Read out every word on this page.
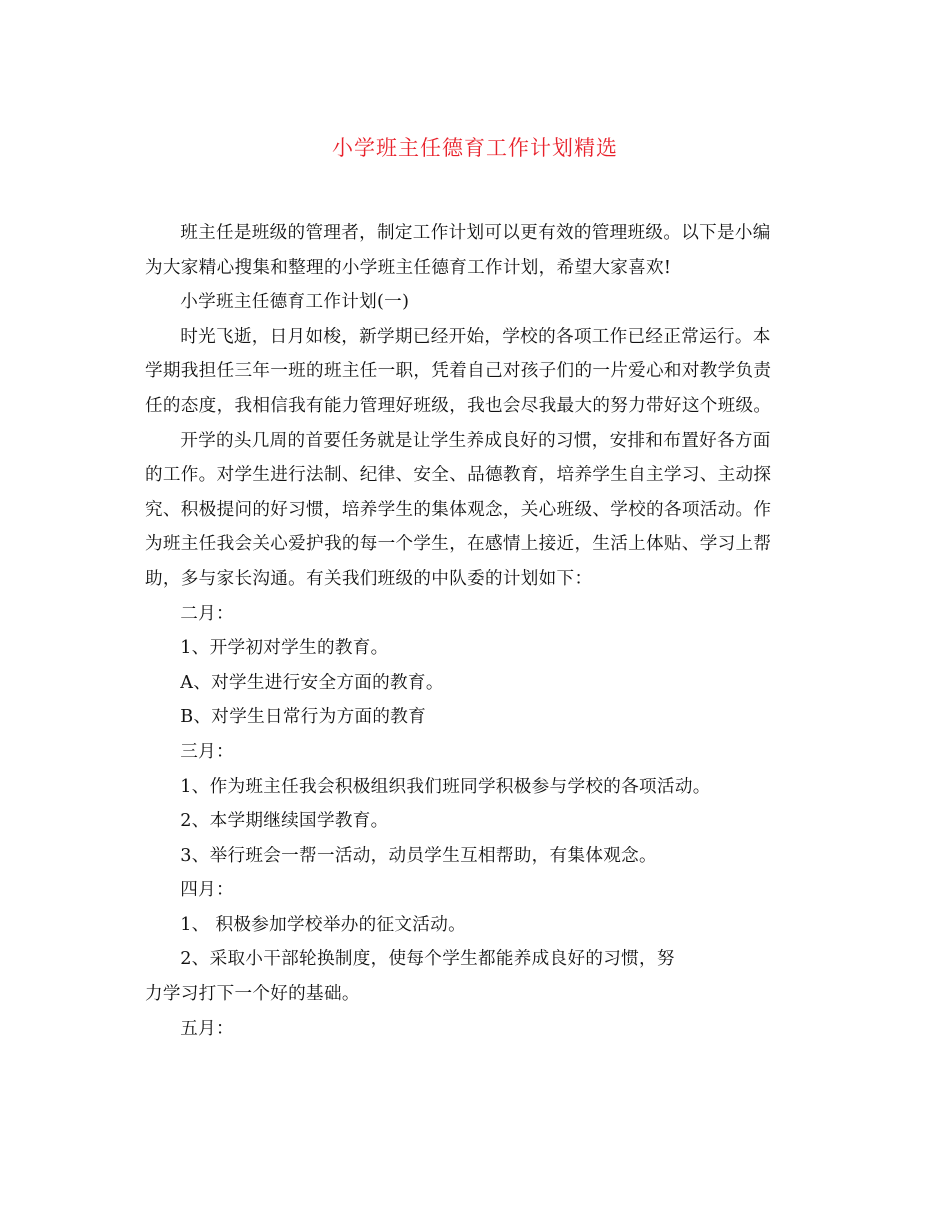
小学班主任德育工作计划精选
班主任是班级的管理者，制定工作计划可以更有效的管理班级。以下是小编
为大家精心搜集和整理的小学班主任德育工作计划，希望大家喜欢!
小学班主任德育工作计划(一)
时光飞逝，日月如梭，新学期已经开始，学校的各项工作已经正常运行。本
学期我担任三年一班的班主任一职，凭着自己对孩子们的一片爱心和对教学负责
任的态度，我相信我有能力管理好班级，我也会尽我最大的努力带好这个班级。
开学的头几周的首要任务就是让学生养成良好的习惯，安排和布置好各方面
的工作。对学生进行法制、纪律、安全、品德教育，培养学生自主学习、主动探
究、积极提问的好习惯，培养学生的集体观念，关心班级、学校的各项活动。作
为班主任我会关心爱护我的每一个学生，在感情上接近，生活上体贴、学习上帮
助，多与家长沟通。有关我们班级的中队委的计划如下：
二月：
1、开学初对学生的教育。
A、对学生进行安全方面的教育。
B、对学生日常行为方面的教育
三月：
1、作为班主任我会积极组织我们班同学积极参与学校的各项活动。
2、本学期继续国学教育。
3、举行班会一帮一活动，动员学生互相帮助，有集体观念。
四月：
1、 积极参加学校举办的征文活动。
2、采取小干部轮换制度，使每个学生都能养成良好的习惯，努
力学习打下一个好的基础。
五月：
